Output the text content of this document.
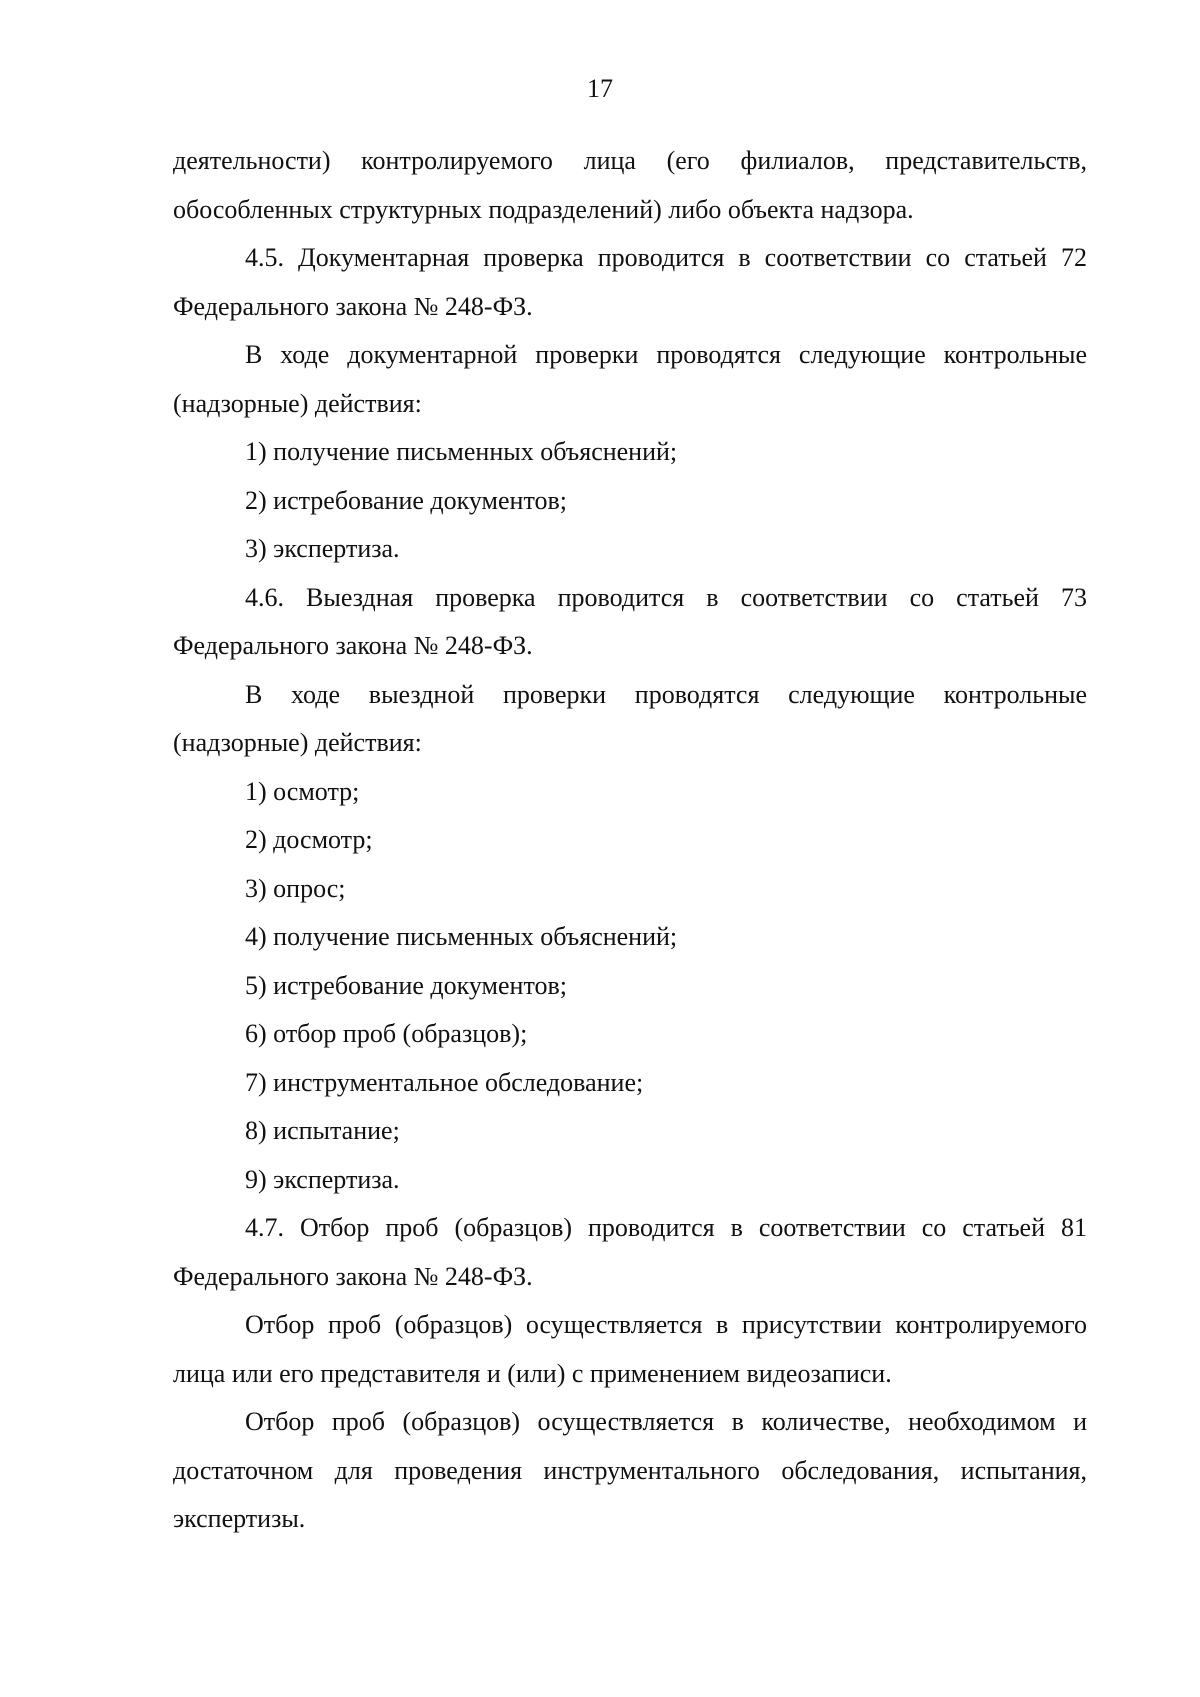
17

деятельности) контролируемого лица (его филиалов, представительств, обособленных структурных подразделений) либо объекта надзора.

4.5. Документарная проверка проводится в соответствии со статьей 72 Федерального закона № 248-ФЗ.

В ходе документарной проверки проводятся следующие контрольные (надзорные) действия:

1) получение письменных объяснений;

2) истребование документов;

3) экспертиза.

4.6. Выездная проверка проводится в соответствии со статьей 73 Федерального закона № 248-ФЗ.

В ходе выездной проверки проводятся следующие контрольные (надзорные) действия:

1) осмотр;

2) досмотр;

3) опрос;

4) получение письменных объяснений;

5) истребование документов;

6) отбор проб (образцов);

7) инструментальное обследование;

8) испытание;

9) экспертиза.

4.7. Отбор проб (образцов) проводится в соответствии со статьей 81 Федерального закона № 248-ФЗ.

Отбор проб (образцов) осуществляется в присутствии контролируемого лица или его представителя и (или) с применением видеозаписи.

Отбор проб (образцов) осуществляется в количестве, необходимом и достаточном для проведения инструментального обследования, испытания, экспертизы.
